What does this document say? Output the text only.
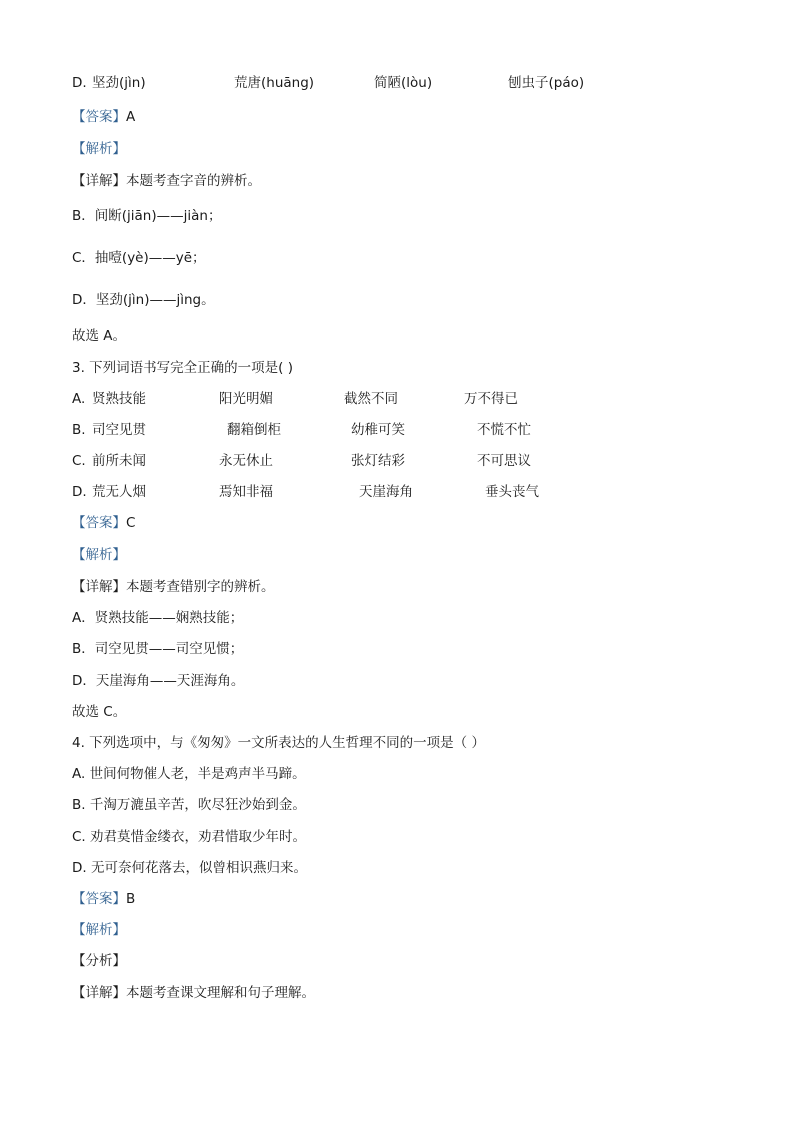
D. 坚劲(jìn)	荒唐(huāng)	简陋(lòu)	刨虫子(páo)
【答案】A
【解析】
【详解】本题考查字音的辨析。
B．间断(jiān)——jiàn；
C．抽噎(yè)——yē；
D．坚劲(jìn)——jìng。
故选 A。
3. 下列词语书写完全正确的一项是( )
A. 贤熟技能	阳光明媚	截然不同	万不得已
B. 司空见贯	翻箱倒柜	幼稚可笑	不慌不忙
C. 前所未闻	永无休止	张灯结彩	不可思议
D. 荒无人烟	焉知非福	天崖海角	垂头丧气
【答案】C
【解析】
【详解】本题考查错别字的辨析。
A．贤熟技能——娴熟技能；
B．司空见贯——司空见惯；
D．天崖海角——天涯海角。
故选 C。
4. 下列选项中，与《匆匆》一文所表达的人生哲理不同的一项是（ ）
A. 世间何物催人老，半是鸡声半马蹄。
B. 千淘万漉虽辛苦，吹尽狂沙始到金。
C. 劝君莫惜金缕衣，劝君惜取少年时。
D. 无可奈何花落去，似曾相识燕归来。
【答案】B
【解析】
【分析】
【详解】本题考查课文理解和句子理解。
